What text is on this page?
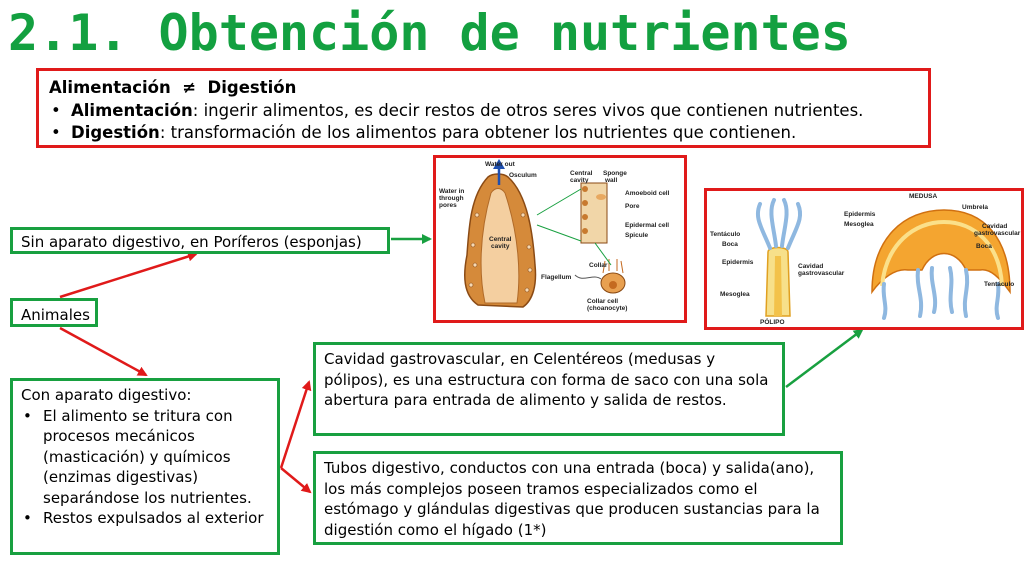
2.1. Obtención de nutrientes
Alimentación  ≠  Digestión
• Alimentación: ingerir alimentos, es decir restos de otros seres vivos que contienen nutrientes.
• Digestión: transformación de los alimentos para obtener los nutrientes que contienen.
Sin aparato digestivo, en Poríferos (esponjas)
Animales
Con aparato digestivo:
• El alimento se tritura con procesos mecánicos (masticación) y químicos (enzimas digestivas) separándose los nutrientes.
• Restos expulsados al exterior
Cavidad gastrovascular, en Celentéreos (medusas y pólipos), es una estructura con forma de saco con una sola abertura para entrada de alimento y salida de restos.
Tubos digestivo, conductos con una entrada (boca) y salida(ano), los más complejos poseen tramos especializados como el estómago y glándulas digestivas que producen sustancias para la digestión como el hígado (1*)
Water out
Osculum
Water in
through
pores
Central
cavity
Central
cavity
Sponge
wall
Amoeboid cell
Pore
Epidermal cell
Spicule
Collar
Flagellum
Collar cell
(choanocyte)
MEDUSA
Umbrela
Epidermis
Mesoglea	Cavidad
gastrovascular
Boca
Tentáculo
Tentáculo
Boca
Epidermis
Cavidad
gastrovascular
Mesoglea
PÓLIPO
